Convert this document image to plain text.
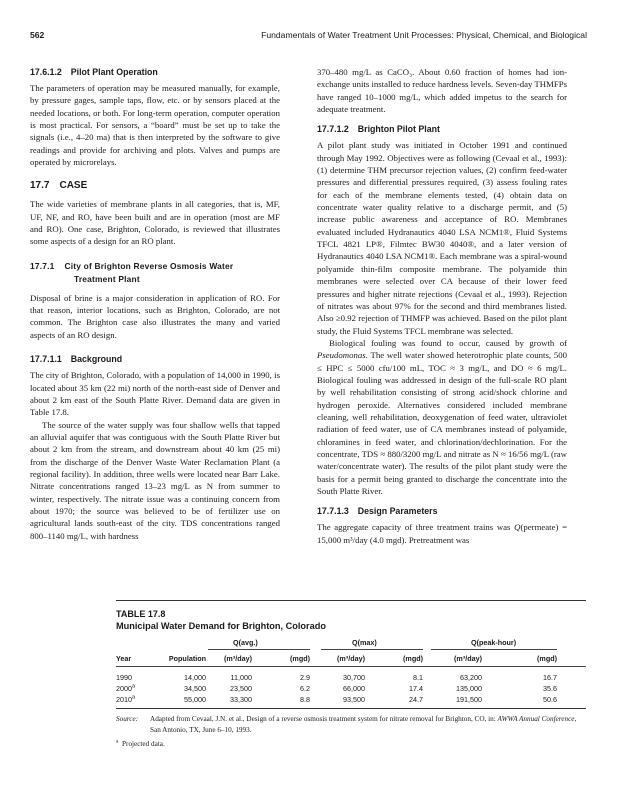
562	Fundamentals of Water Treatment Unit Processes: Physical, Chemical, and Biological
17.6.1.2 Pilot Plant Operation

The parameters of operation may be measured manually, for example, by pressure gages, sample taps, flow, etc. or by sensors placed at the needed locations, or both. For long-term operation, computer operation is most practical. For sensors, a “board” must be set up to take the signals (i.e., 4–20 ma) that is then interpreted by the software to give readings and provide for archiving and plots. Valves and pumps are operated by microrelays.

17.7 CASE

The wide varieties of membrane plants in all categories, that is, MF, UF, NF, and RO, have been built and are in operation (most are MF and RO). One case, Brighton, Colorado, is reviewed that illustrates some aspects of a design for an RO plant.

17.7.1 City of Brighton Reverse Osmosis Water
Treatment Plant

Disposal of brine is a major consideration in application of RO. For that reason, interior locations, such as Brighton, Colorado, are not common. The Brighton case also illustrates the many and varied aspects of an RO design.

17.7.1.1 Background

The city of Brighton, Colorado, with a population of 14,000 in 1990, is located about 35 km (22 mi) north of the north-east side of Denver and about 2 km east of the South Platte River. Demand data are given in Table 17.8.

The source of the water supply was four shallow wells that tapped an alluvial aquifer that was contiguous with the South Platte River but about 2 km from the stream, and downstream about 40 km (25 mi) from the discharge of the Denver Waste Water Reclamation Plant (a regional facility). In addition, three wells were located near Barr Lake. Nitrate concentrations ranged 13–23 mg/L as N from summer to winter, respectively. The nitrate issue was a continuing concern from about 1970; the source was believed to be of fertilizer use on agricultural lands south-east of the city. TDS concentrations ranged 800–1140 mg/L, with hardness

370–480 mg/L as CaCO₃. About 0.60 fraction of homes had ion-exchange units installed to reduce hardness levels. Seven-day THMFPs have ranged 10–1000 mg/L, which added impetus to the search for adequate treatment.

17.7.1.2 Brighton Pilot Plant

A pilot plant study was initiated in October 1991 and continued through May 1992. Objectives were as following (Cevaal et al., 1993): (1) determine THM precursor rejection values, (2) confirm feed-water pressures and differential pressures required, (3) assess fouling rates for each of the membrane elements tested, (4) obtain data on concentrate water quality relative to a discharge permit, and (5) increase public awareness and acceptance of RO. Membranes evaluated included Hydranautics 4040 LSA NCM1®, Fluid Systems TFCL 4821 LP®, Filmtec BW30 4040®, and a later version of Hydranautics 4040 LSA NCM1®. Each membrane was a spiral-wound polyamide thin-film composite membrane. The polyamide thin membranes were selected over CA because of their lower feed pressures and higher nitrate rejections (Cevaal et al., 1993). Rejection of nitrates was about 97% for the second and third membranes listed. Also ≥0.92 rejection of THMFP was achieved. Based on the pilot plant study, the Fluid Systems TFCL membrane was selected.

Biological fouling was found to occur, caused by growth of Pseudomonas. The well water showed heterotrophic plate counts, 500 ≤ HPC ≤ 5000 cfu/100 mL, TOC ≈ 3 mg/L, and DO ≈ 6 mg/L. Biological fouling was addressed in design of the full-scale RO plant by well rehabilitation consisting of strong acid/shock chlorine and hydrogen peroxide. Alternatives considered included membrane cleaning, well rehabilitation, deoxygenation of feed water, ultraviolet radiation of feed water, use of CA membranes instead of polyamide, chloramines in feed water, and chlorination/dechlorination. For the concentrate, TDS ≈ 880/3200 mg/L and nitrate as N ≈ 16/56 mg/L (raw water/concentrate water). The results of the pilot plant study were the basis for a permit being granted to discharge the concentrate into the South Platte River.

17.7.1.3 Design Parameters

The aggregate capacity of three treatment trains was Q(permeate) = 15,000 m³/day (4.0 mgd). Pretreatment was

TABLE 17.8
Municipal Water Demand for Brighton, Colorado
Q(avg.)	Q(max)	Q(peak-hour)
Year	Population	(m³/day)	(mgd)	(m³/day)	(mgd)	(m³/day)	(mgd)
1990	14,000	11,000	2.9	30,700	8.1	63,200	16.7
2000$^a$	34,500	23,500	6.2	66,000	17.4	135,000	35.6
2010$^a$	55,000	33,300	8.8	93,500	24.7	191,500	50.6
Source: Adapted from Cevaal, J.N. et al., Design of a reverse osmosis treatment system for nitrate removal for Brighton, CO, in: AWWA Annual Conference, San Antonio, TX, June 6–10, 1993.
$^a$ Projected data.
